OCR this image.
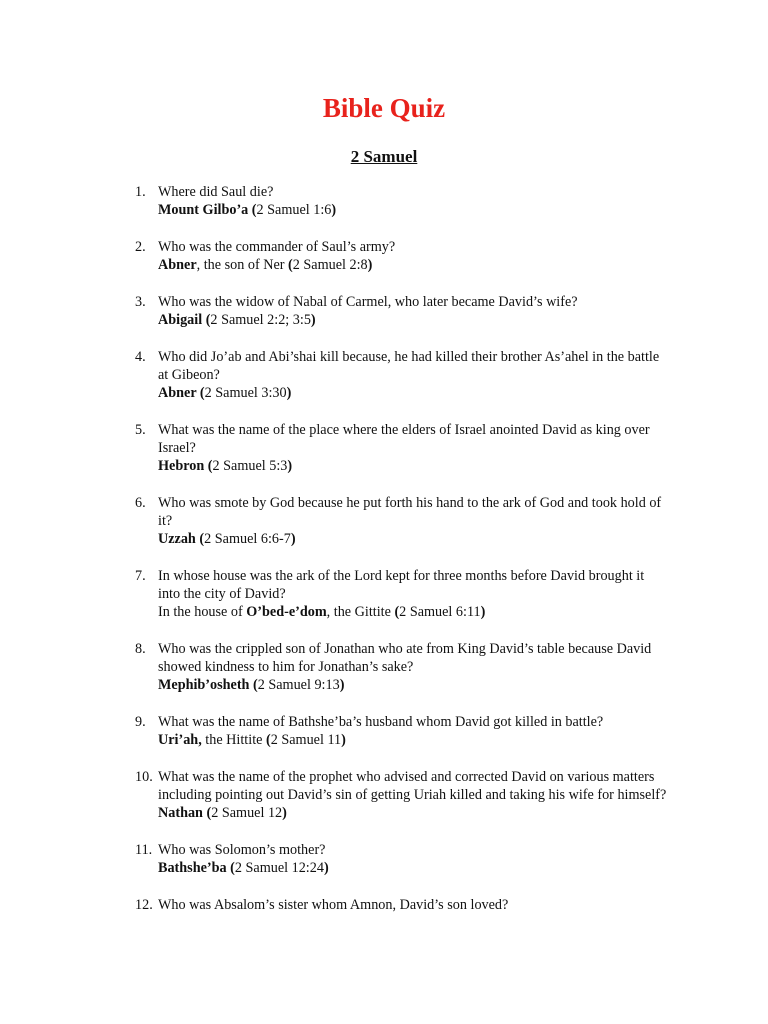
Bible Quiz
2 Samuel
1. Where did Saul die?
Mount Gilbo’a (2 Samuel 1:6)
2. Who was the commander of Saul’s army?
Abner, the son of Ner (2 Samuel 2:8)
3. Who was the widow of Nabal of Carmel, who later became David’s wife?
Abigail (2 Samuel 2:2; 3:5)
4. Who did Jo’ab and Abi’shai kill because, he had killed their brother As’ahel in the battle at Gibeon?
Abner (2 Samuel 3:30)
5. What was the name of the place where the elders of Israel anointed David as king over Israel?
Hebron (2 Samuel 5:3)
6. Who was smote by God because he put forth his hand to the ark of God and took hold of it?
Uzzah (2 Samuel 6:6-7)
7. In whose house was the ark of the Lord kept for three months before David brought it into the city of David?
In the house of O’bed-e’dom, the Gittite (2 Samuel 6:11)
8. Who was the crippled son of Jonathan who ate from King David’s table because David showed kindness to him for Jonathan’s sake?
Mephib’osheth (2 Samuel 9:13)
9. What was the name of Bathshe’ba’s husband whom David got killed in battle?
Uri’ah, the Hittite (2 Samuel 11)
10. What was the name of the prophet who advised and corrected David on various matters including pointing out David’s sin of getting Uriah killed and taking his wife for himself?
Nathan (2 Samuel 12)
11. Who was Solomon’s mother?
Bathshe’ba (2 Samuel 12:24)
12. Who was Absalom’s sister whom Amnon, David’s son loved?
